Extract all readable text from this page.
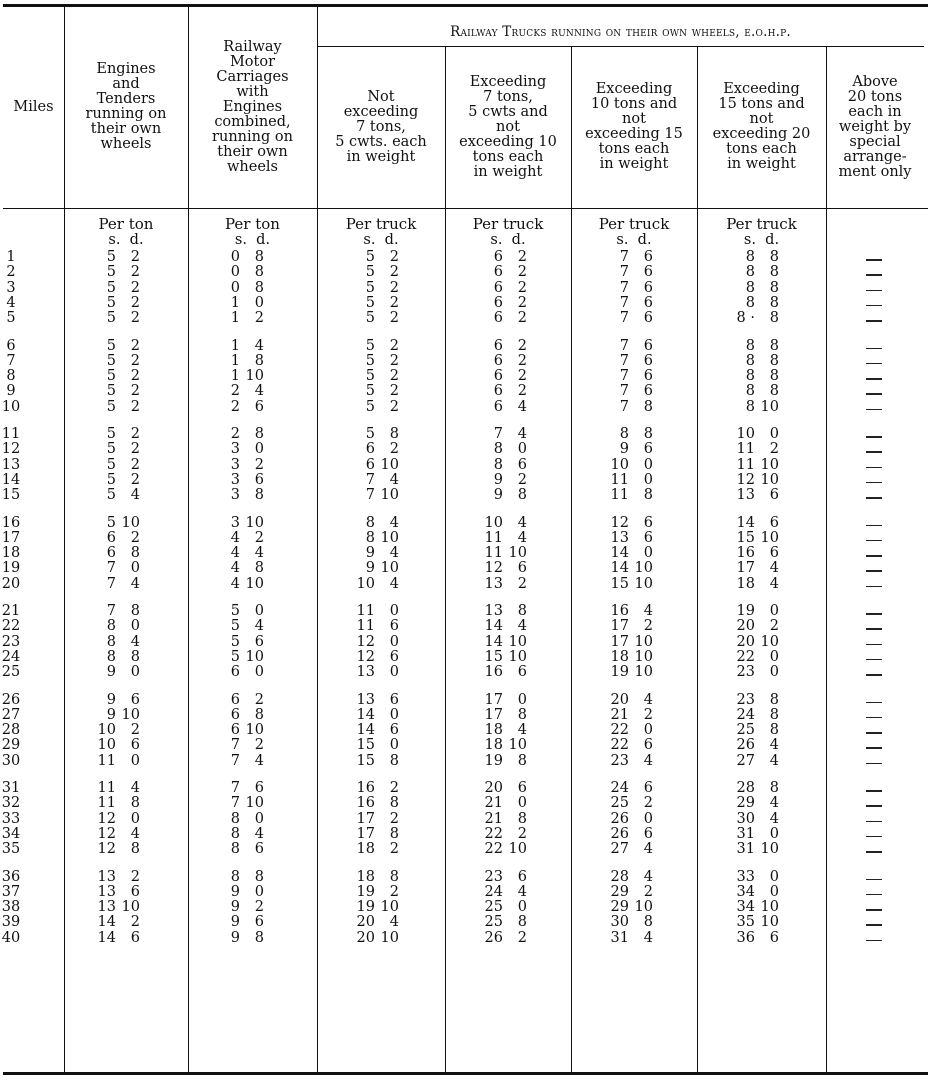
Miles
Engines
and
Tenders
running on
their own
wheels
Railway
Motor
Carriages
with
Engines
combined,
running on
their own
wheels
Not
exceeding
7 tons,
5 cwts. each
in weight
Exceeding
7 tons,
5 cwts and
not
exceeding 10
tons each
in weight
Exceeding
10 tons and
not
exceeding 15
tons each
in weight
Exceeding
15 tons and
not
exceeding 20
tons each
in weight
Above
20 tons
each in
weight by
special
arrange-
ment only
Railway Trucks running on their own wheels, e.o.h.p.
Per ton
s.  d.
Per ton
s.  d.
Per truck
s.  d.
Per truck
s.  d.
Per truck
s.  d.
Per truck
s.  d.
1	5 2	0 8	5 2	6 2	7 6	8 8
2	5 2	0 8	5 2	6 2	7 6	8 8
3	5 2	0 8	5 2	6 2	7 6	8 8
4	5 2	1 0	5 2	6 2	7 6	8 8
5	5 2	1 2	5 2	6 2	7 6	8 · 8
6	5 2	1 4	5 2	6 2	7 6	8 8
7	5 2	1 8	5 2	6 2	7 6	8 8
8	5 2	1 10	5 2	6 2	7 6	8 8
9	5 2	2 4	5 2	6 2	7 6	8 8
10	5 2	2 6	5 2	6 4	7 8	8 10
11	5 2	2 8	5 8	7 4	8 8	10 0
12	5 2	3 0	6 2	8 0	9 6	11 2
13	5 2	3 2	6 10	8 6	10 0	11 10
14	5 2	3 6	7 4	9 2	11 0	12 10
15	5 4	3 8	7 10	9 8	11 8	13 6
16	5 10	3 10	8 4	10 4	12 6	14 6
17	6 2	4 2	8 10	11 4	13 6	15 10
18	6 8	4 4	9 4	11 10	14 0	16 6
19	7 0	4 8	9 10	12 6	14 10	17 4
20	7 4	4 10	10 4	13 2	15 10	18 4
21	7 8	5 0	11 0	13 8	16 4	19 0
22	8 0	5 4	11 6	14 4	17 2	20 2
23	8 4	5 6	12 0	14 10	17 10	20 10
24	8 8	5 10	12 6	15 10	18 10	22 0
25	9 0	6 0	13 0	16 6	19 10	23 0
26	9 6	6 2	13 6	17 0	20 4	23 8
27	9 10	6 8	14 0	17 8	21 2	24 8
28	10 2	6 10	14 6	18 4	22 0	25 8
29	10 6	7 2	15 0	18 10	22 6	26 4
30	11 0	7 4	15 8	19 8	23 4	27 4
31	11 4	7 6	16 2	20 6	24 6	28 8
32	11 8	7 10	16 8	21 0	25 2	29 4
33	12 0	8 0	17 2	21 8	26 0	30 4
34	12 4	8 4	17 8	22 2	26 6	31 0
35	12 8	8 6	18 2	22 10	27 4	31 10
36	13 2	8 8	18 8	23 6	28 4	33 0
37	13 6	9 0	19 2	24 4	29 2	34 0
38	13 10	9 2	19 10	25 0	29 10	34 10
39	14 2	9 6	20 4	25 8	30 8	35 10
40	14 6	9 8	20 10	26 2	31 4	36 6
